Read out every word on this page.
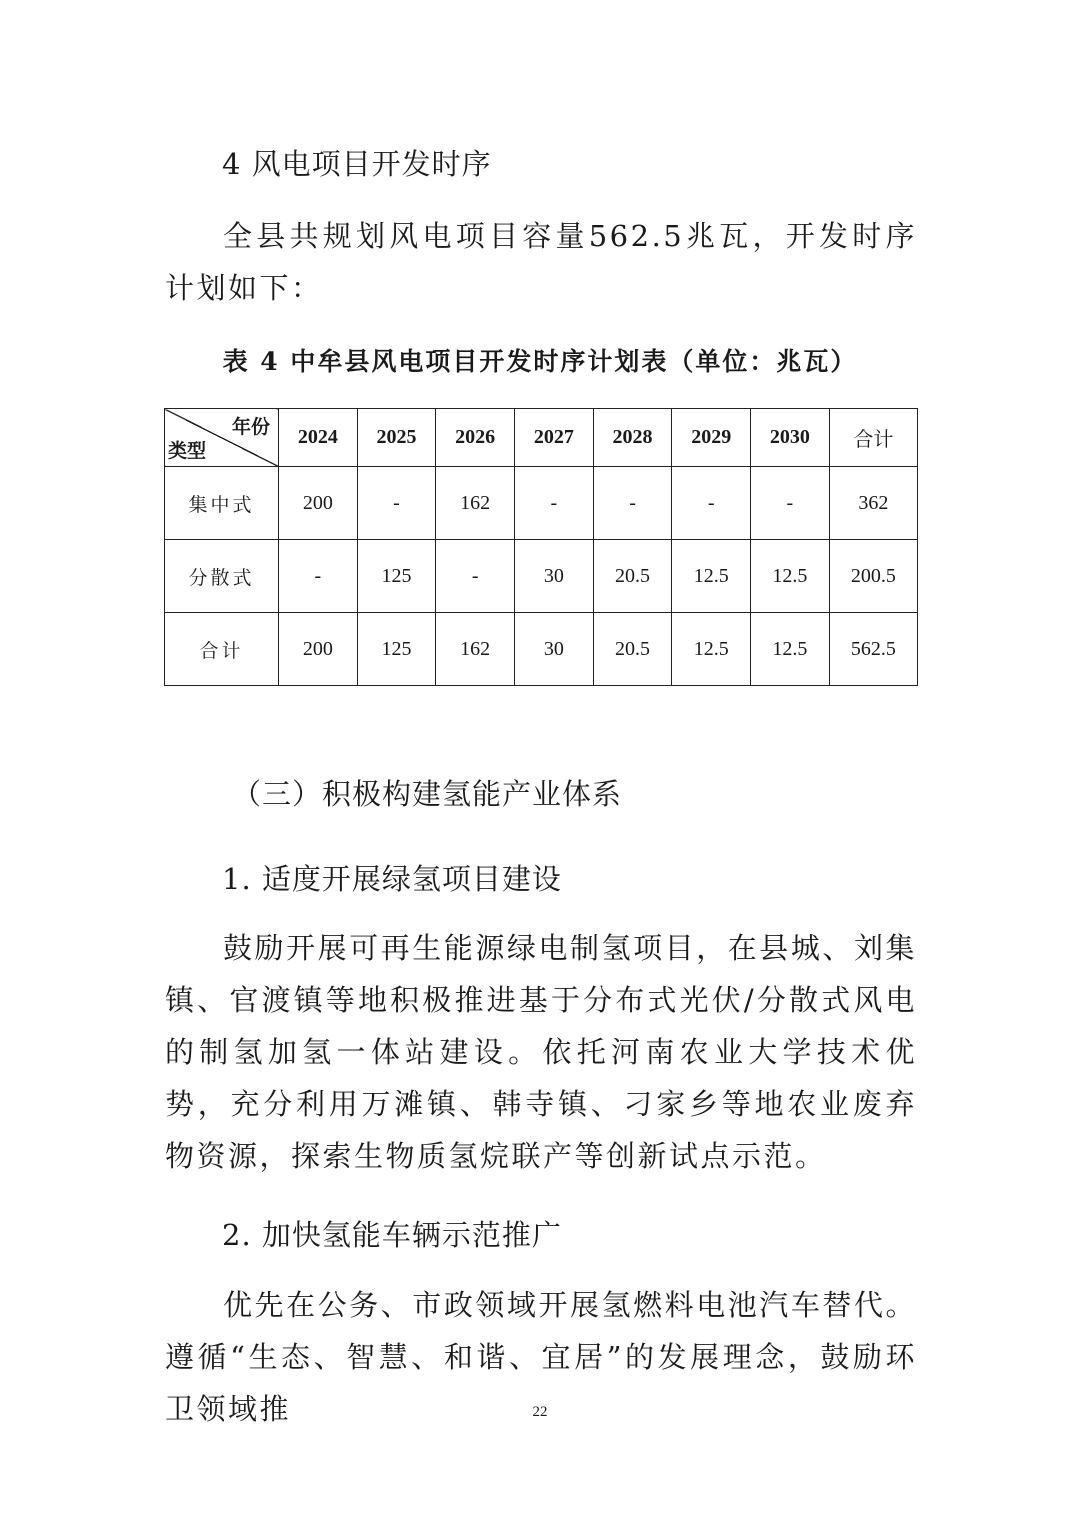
4 风电项目开发时序
全县共规划风电项目容量562.5兆瓦，开发时序计划如下：
表 4 中牟县风电项目开发时序计划表（单位：兆瓦）
年份
类型	2024	2025	2026	2027	2028	2029	2030	合计
集中式	200	-	162	-	-	-	-	362
分散式	-	125	-	30	20.5	12.5	12.5	200.5
合计	200	125	162	30	20.5	12.5	12.5	562.5
（三）积极构建氢能产业体系
1. 适度开展绿氢项目建设
鼓励开展可再生能源绿电制氢项目，在县城、刘集镇、官渡镇等地积极推进基于分布式光伏/分散式风电的制氢加氢一体站建设。依托河南农业大学技术优势，充分利用万滩镇、韩寺镇、刁家乡等地农业废弃物资源，探索生物质氢烷联产等创新试点示范。
2. 加快氢能车辆示范推广
优先在公务、市政领域开展氢燃料电池汽车替代。遵循“生态、智慧、和谐、宜居”的发展理念，鼓励环卫领域推	22
